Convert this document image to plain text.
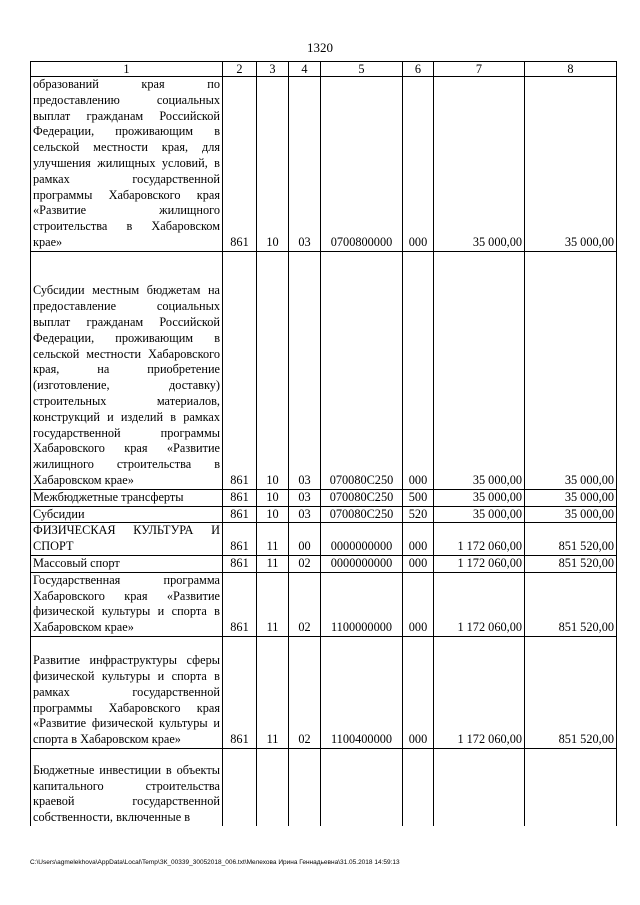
1320
1	2	3	4	5	6	7	8
образований края по предоставлению социальных выплат гражданам Российской Федерации, проживающим в сельской местности края, для улучшения жилищных условий, в рамках государственной программы Хабаровского края «Развитие жилищного строительства в Хабаровском крае»	861	10	03	0700800000	000	35 000,00	35 000,00
Субсидии местным бюджетам на предоставление социальных выплат гражданам Российской Федерации, проживающим в сельской местности Хабаровского края, на приобретение (изготовление, доставку) строительных материалов, конструкций и изделий в рамках государственной программы Хабаровского края «Развитие жилищного строительства в Хабаровском крае»	861	10	03	070080С250	000	35 000,00	35 000,00
Межбюджетные трансферты	861	10	03	070080С250	500	35 000,00	35 000,00
Субсидии	861	10	03	070080С250	520	35 000,00	35 000,00
ФИЗИЧЕСКАЯ КУЛЬТУРА И СПОРТ	861	11	00	0000000000	000	1 172 060,00	851 520,00
Массовый спорт	861	11	02	0000000000	000	1 172 060,00	851 520,00
Государственная программа Хабаровского края «Развитие физической культуры и спорта в Хабаровском крае»	861	11	02	1100000000	000	1 172 060,00	851 520,00
Развитие инфраструктуры сферы физической культуры и спорта в рамках государственной программы Хабаровского края «Развитие физической культуры и спорта в Хабаровском крае»	861	11	02	1100400000	000	1 172 060,00	851 520,00
Бюджетные инвестиции в объекты капитального строительства краевой государственной собственности, включенные в							
C:\Users\agmelekhova\AppData\Local\Temp\ЗК_00339_30052018_006.txt\Мелехова Ирина Геннадьевна\31.05.2018 14:59:13
